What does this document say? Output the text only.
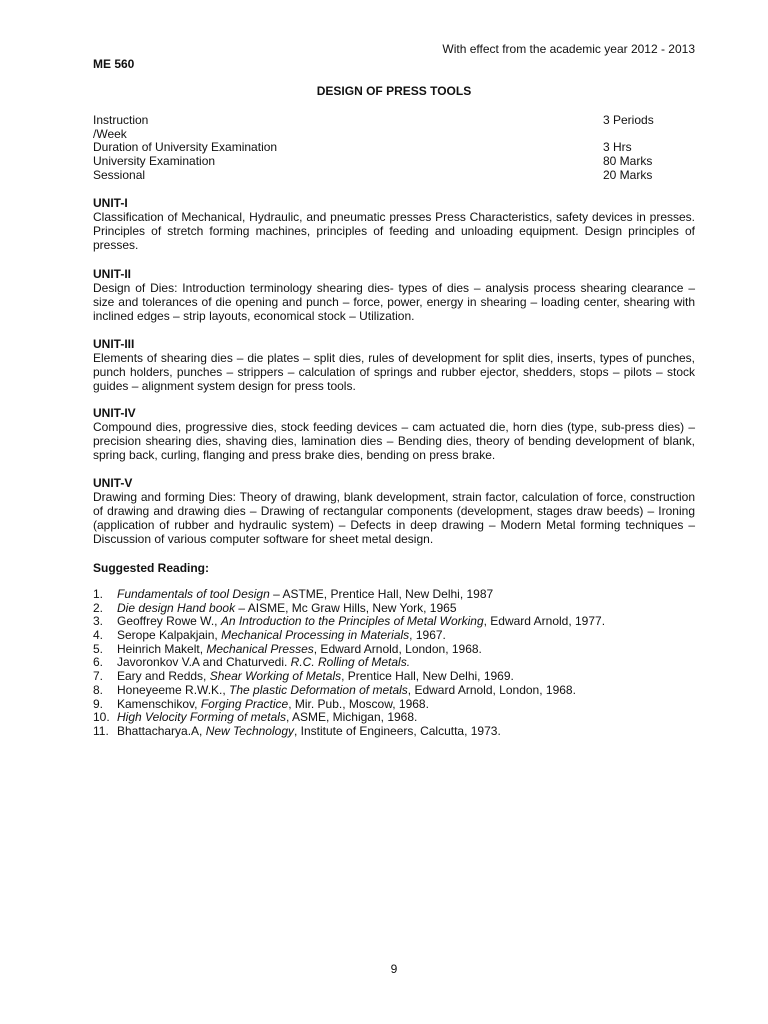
With effect from the academic year 2012 - 2013
ME 560
DESIGN OF PRESS TOOLS
Instruction	3 Periods
/Week
Duration of University Examination	3 Hrs
University Examination	80 Marks
Sessional	20 Marks
UNIT-I
Classification of Mechanical, Hydraulic, and pneumatic presses Press Characteristics, safety devices in presses. Principles of stretch forming machines, principles of feeding and unloading equipment. Design principles of presses.
UNIT-II
Design of Dies: Introduction terminology shearing dies- types of dies – analysis process shearing clearance – size and tolerances of die opening and punch – force, power, energy in shearing – loading center, shearing with inclined edges – strip layouts, economical stock – Utilization.
UNIT-III
Elements of shearing dies – die plates – split dies, rules of development for split dies, inserts, types of punches, punch holders, punches – strippers – calculation of springs and rubber ejector, shedders, stops – pilots – stock guides – alignment system design for press tools.
UNIT-IV
Compound dies, progressive dies, stock feeding devices – cam actuated die, horn dies (type, sub-press dies) – precision shearing dies, shaving dies, lamination dies – Bending dies, theory of bending development of blank, spring back, curling, flanging and press brake dies, bending on press brake.
UNIT-V
Drawing and forming Dies: Theory of drawing, blank development, strain factor, calculation of force, construction of drawing and drawing dies – Drawing of rectangular components (development, stages draw beeds) – Ironing (application of rubber and hydraulic system) – Defects in deep drawing – Modern Metal forming techniques – Discussion of various computer software for sheet metal design.
Suggested Reading:
1.	Fundamentals of tool Design – ASTME, Prentice Hall, New Delhi, 1987
2.	Die design Hand book – AISME, Mc Graw Hills, New York, 1965
3.	Geoffrey Rowe W., An Introduction to the Principles of Metal Working, Edward Arnold, 1977.
4.	Serope Kalpakjain, Mechanical Processing in Materials, 1967.
5.	Heinrich Makelt, Mechanical Presses, Edward Arnold, London, 1968.
6.	Javoronkov V.A and Chaturvedi. R.C. Rolling of Metals.
7.	Eary and Redds, Shear Working of Metals, Prentice Hall, New Delhi, 1969.
8.	Honeyeeme R.W.K., The plastic Deformation of metals, Edward Arnold, London, 1968.
9.	Kamenschikov, Forging Practice, Mir. Pub., Moscow, 1968.
10. High Velocity Forming of metals, ASME, Michigan, 1968.
11. Bhattacharya.A, New Technology, Institute of Engineers, Calcutta, 1973.
9
